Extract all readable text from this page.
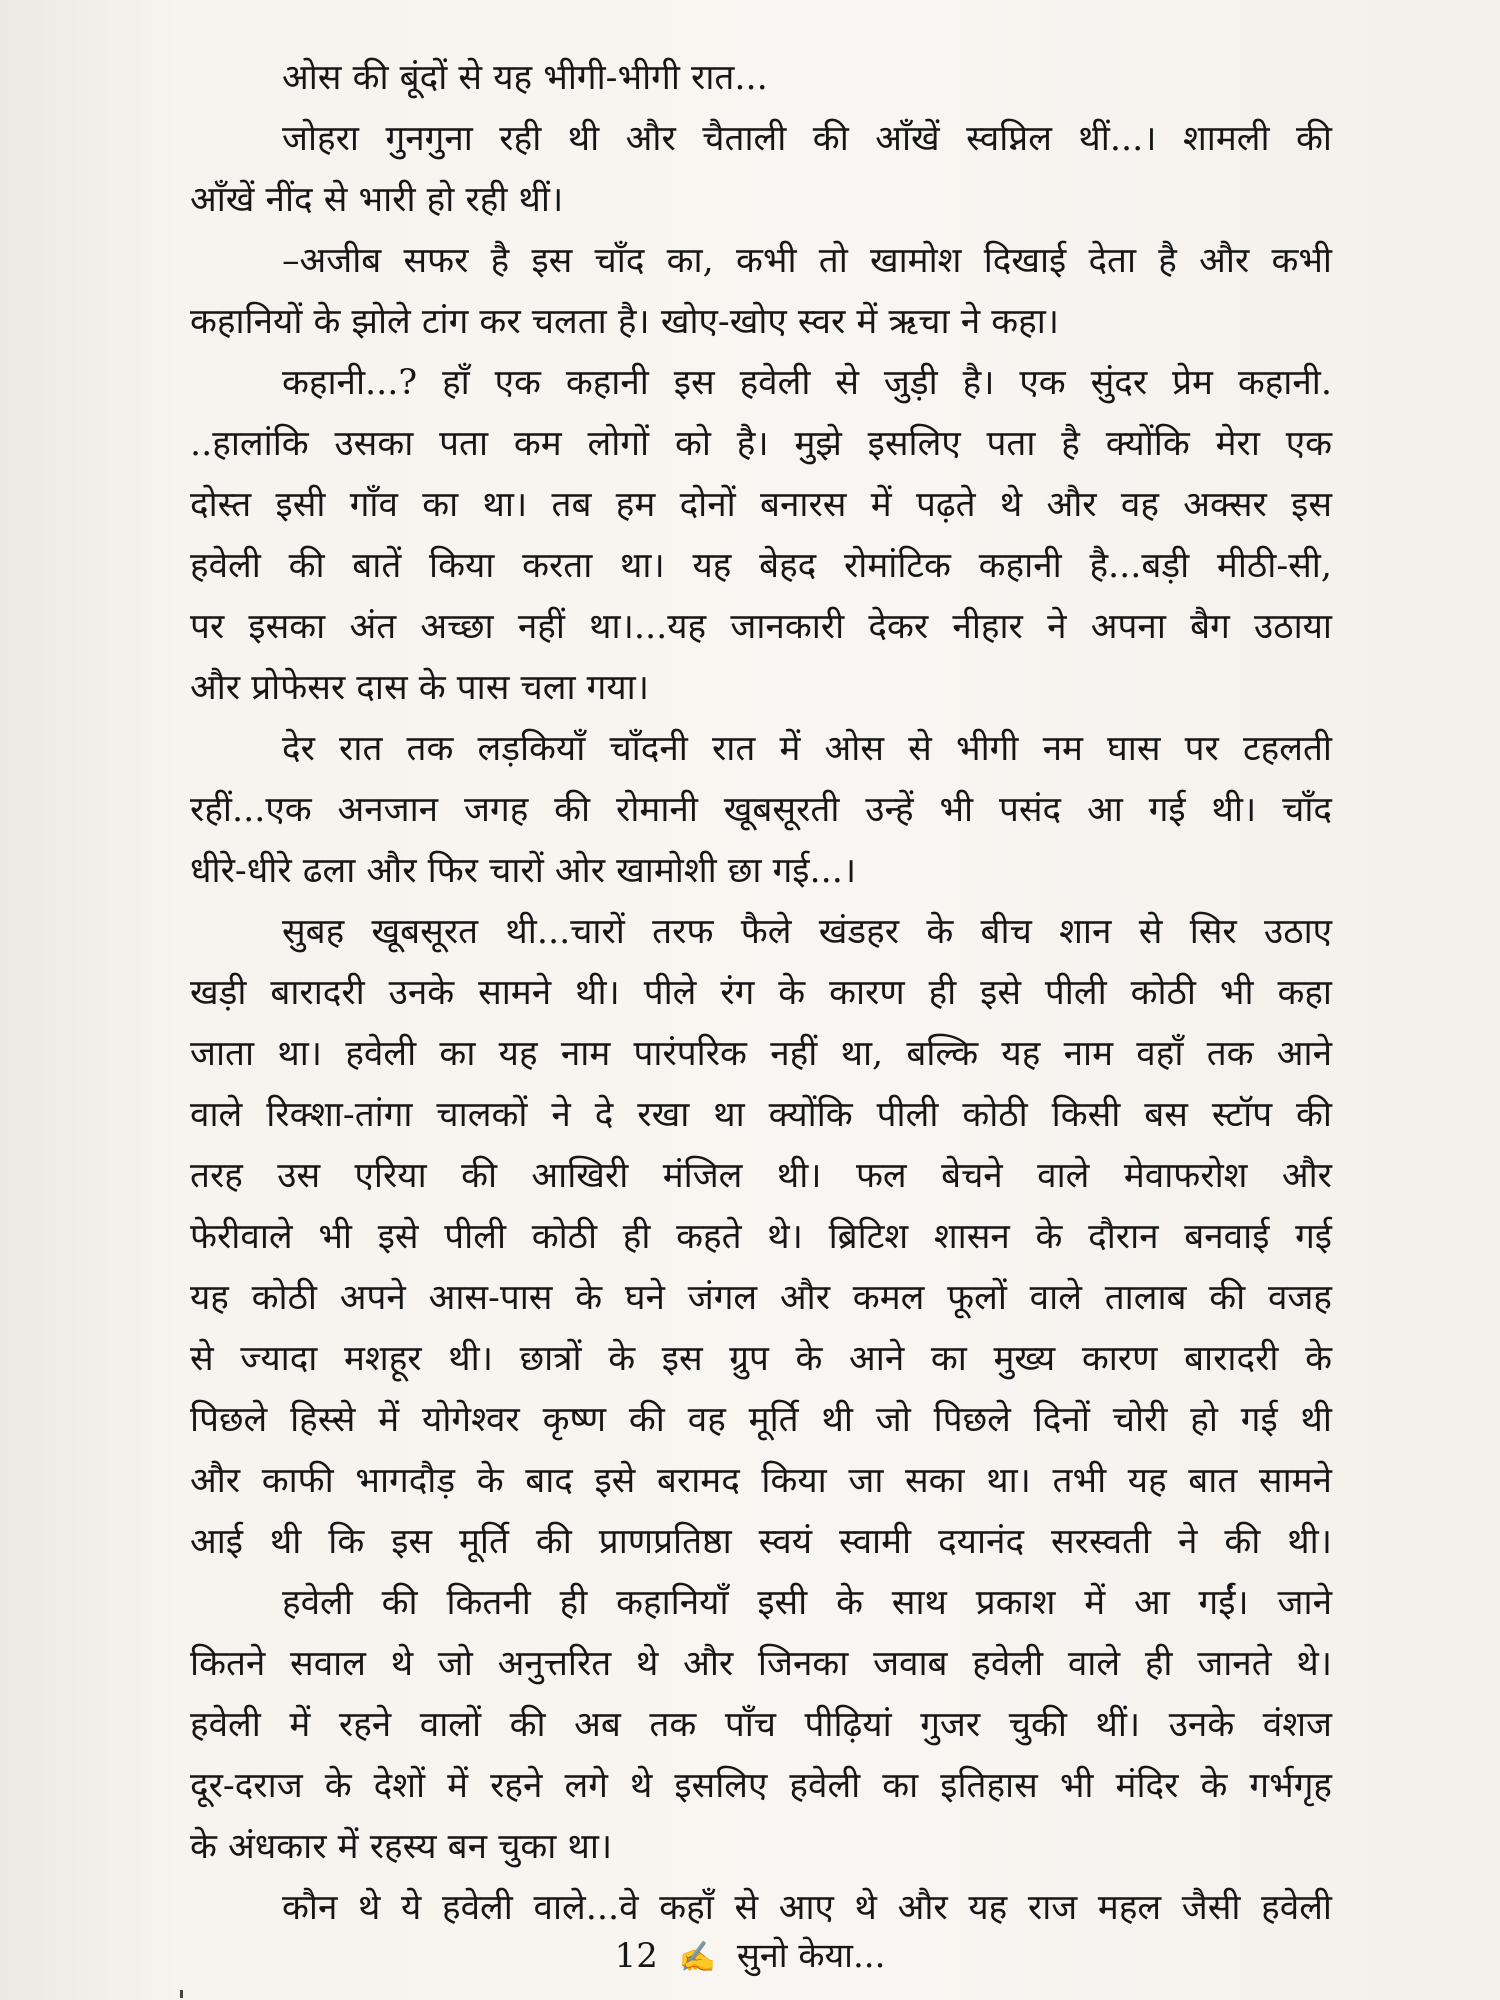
ओस की बूंदों से यह भीगी-भीगी रात...
जोहरा गुनगुना रही थी और चैताली की आँखें स्वप्निल थीं...। शामली की
आँखें नींद से भारी हो रही थीं।
–अजीब सफर है इस चाँद का, कभी तो खामोश दिखाई देता है और कभी
कहानियों के झोले टांग कर चलता है। खोए-खोए स्वर में ऋचा ने कहा।
कहानी...? हाँ एक कहानी इस हवेली से जुड़ी है। एक सुंदर प्रेम कहानी.
..हालांकि उसका पता कम लोगों को है। मुझे इसलिए पता है क्योंकि मेरा एक
दोस्त इसी गाँव का था। तब हम दोनों बनारस में पढ़ते थे और वह अक्सर इस
हवेली की बातें किया करता था। यह बेहद रोमांटिक कहानी है...बड़ी मीठी-सी,
पर इसका अंत अच्छा नहीं था।...यह जानकारी देकर नीहार ने अपना बैग उठाया
और प्रोफेसर दास के पास चला गया।
देर रात तक लड़कियाँ चाँदनी रात में ओस से भीगी नम घास पर टहलती
रहीं...एक अनजान जगह की रोमानी खूबसूरती उन्हें भी पसंद आ गई थी। चाँद
धीरे-धीरे ढला और फिर चारों ओर खामोशी छा गई...।
सुबह खूबसूरत थी...चारों तरफ फैले खंडहर के बीच शान से सिर उठाए
खड़ी बारादरी उनके सामने थी। पीले रंग के कारण ही इसे पीली कोठी भी कहा
जाता था। हवेली का यह नाम पारंपरिक नहीं था, बल्कि यह नाम वहाँ तक आने
वाले रिक्शा-तांगा चालकों ने दे रखा था क्योंकि पीली कोठी किसी बस स्टॉप की
तरह उस एरिया की आखिरी मंजिल थी। फल बेचने वाले मेवाफरोश और
फेरीवाले भी इसे पीली कोठी ही कहते थे। ब्रिटिश शासन के दौरान बनवाई गई
यह कोठी अपने आस-पास के घने जंगल और कमल फूलों वाले तालाब की वजह
से ज्यादा मशहूर थी। छात्रों के इस ग्रुप के आने का मुख्य कारण बारादरी के
पिछले हिस्से में योगेश्वर कृष्ण की वह मूर्ति थी जो पिछले दिनों चोरी हो गई थी
और काफी भागदौड़ के बाद इसे बरामद किया जा सका था। तभी यह बात सामने
आई थी कि इस मूर्ति की प्राणप्रतिष्ठा स्वयं स्वामी दयानंद सरस्वती ने की थी।
हवेली की कितनी ही कहानियाँ इसी के साथ प्रकाश में आ गईं। जाने
कितने सवाल थे जो अनुत्तरित थे और जिनका जवाब हवेली वाले ही जानते थे।
हवेली में रहने वालों की अब तक पाँच पीढ़ियां गुजर चुकी थीं। उनके वंशज
दूर-दराज के देशों में रहने लगे थे इसलिए हवेली का इतिहास भी मंदिर के गर्भगृह
के अंधकार में रहस्य बन चुका था।
कौन थे ये हवेली वाले...वे कहाँ से आए थे और यह राज महल जैसी हवेली
12 ✍ सुनो केया...
